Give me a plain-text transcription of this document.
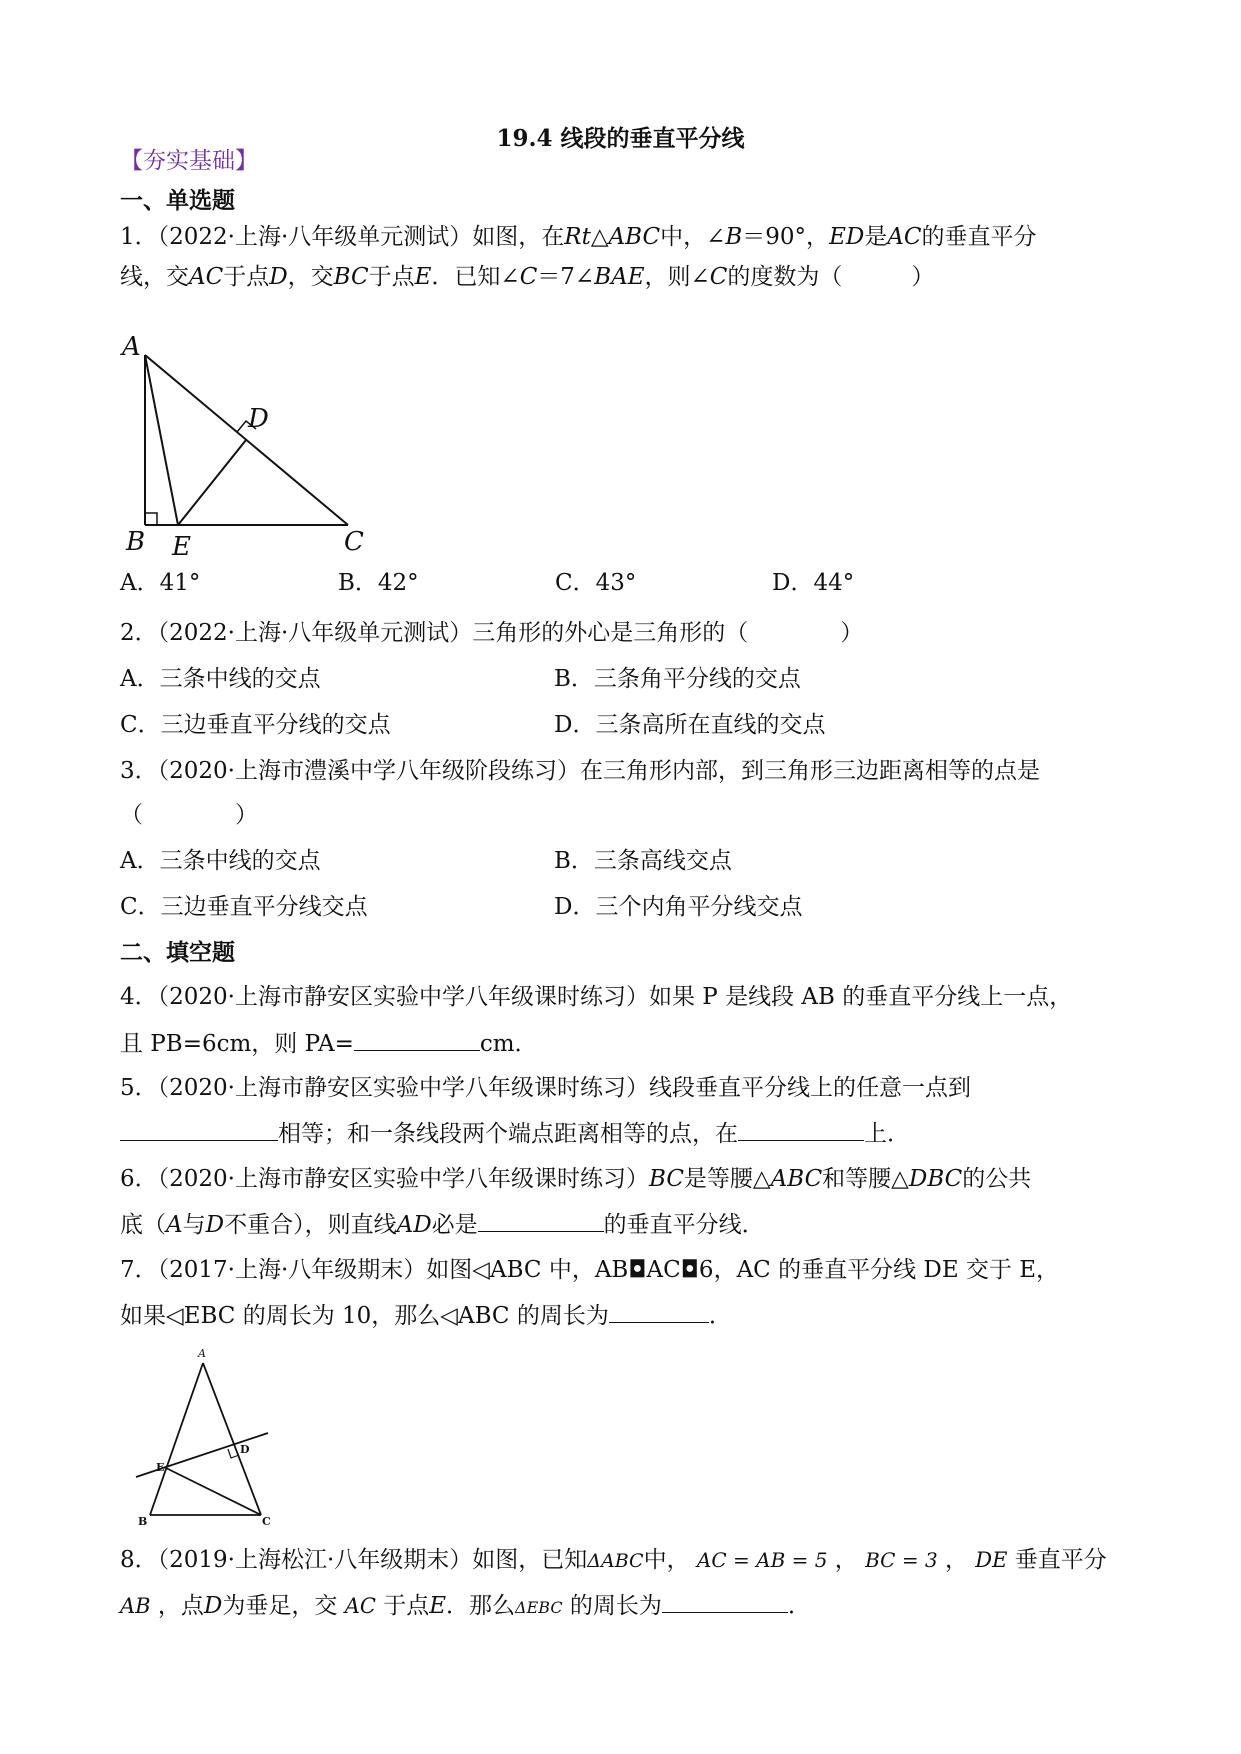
19.4 线段的垂直平分线
【夯实基础】
一、单选题
1．（2022·上海·八年级单元测试）如图，在Rt△ABC中，∠B＝90°，ED是AC的垂直平分
线，交AC于点D，交BC于点E．已知∠C＝7∠BAE，则∠C的度数为（　　　）
A
D
B E	C
A．41°	B．42°	C．43°	D．44°
2．（2022·上海·八年级单元测试）三角形的外心是三角形的（　　　　）
A．三条中线的交点	B．三条角平分线的交点
C．三边垂直平分线的交点	D．三条高所在直线的交点
3．（2020·上海市澧溪中学八年级阶段练习）在三角形内部，到三角形三边距离相等的点是
（　　　　）
A．三条中线的交点	B．三条高线交点
C．三边垂直平分线交点	D．三个内角平分线交点
二、填空题
4．（2020·上海市静安区实验中学八年级课时练习）如果 P 是线段 AB 的垂直平分线上一点，
且 PB=6cm，则 PA=	cm．
5．（2020·上海市静安区实验中学八年级课时练习）线段垂直平分线上的任意一点到
相等；和一条线段两个端点距离相等的点，在	上．
6．（2020·上海市静安区实验中学八年级课时练习）BC是等腰△ABC和等腰△DBC的公共
底（A与D不重合），则直线AD必是	的垂直平分线．
7．（2017·上海·八年级期末）如图◁ABC 中，AB◘AC◘6，AC 的垂直平分线 DE 交于 E，
如果◁EBC 的周长为 10，那么◁ABC 的周长为	．
A
D
E
B	C
8．（2019·上海松江·八年级期末）如图，已知ΔABC中， AC = AB = 5 ， BC = 3 ， DE 垂直平分
AB ，点D为垂足，交 AC 于点E．那么ΔEBC 的周长为	．
